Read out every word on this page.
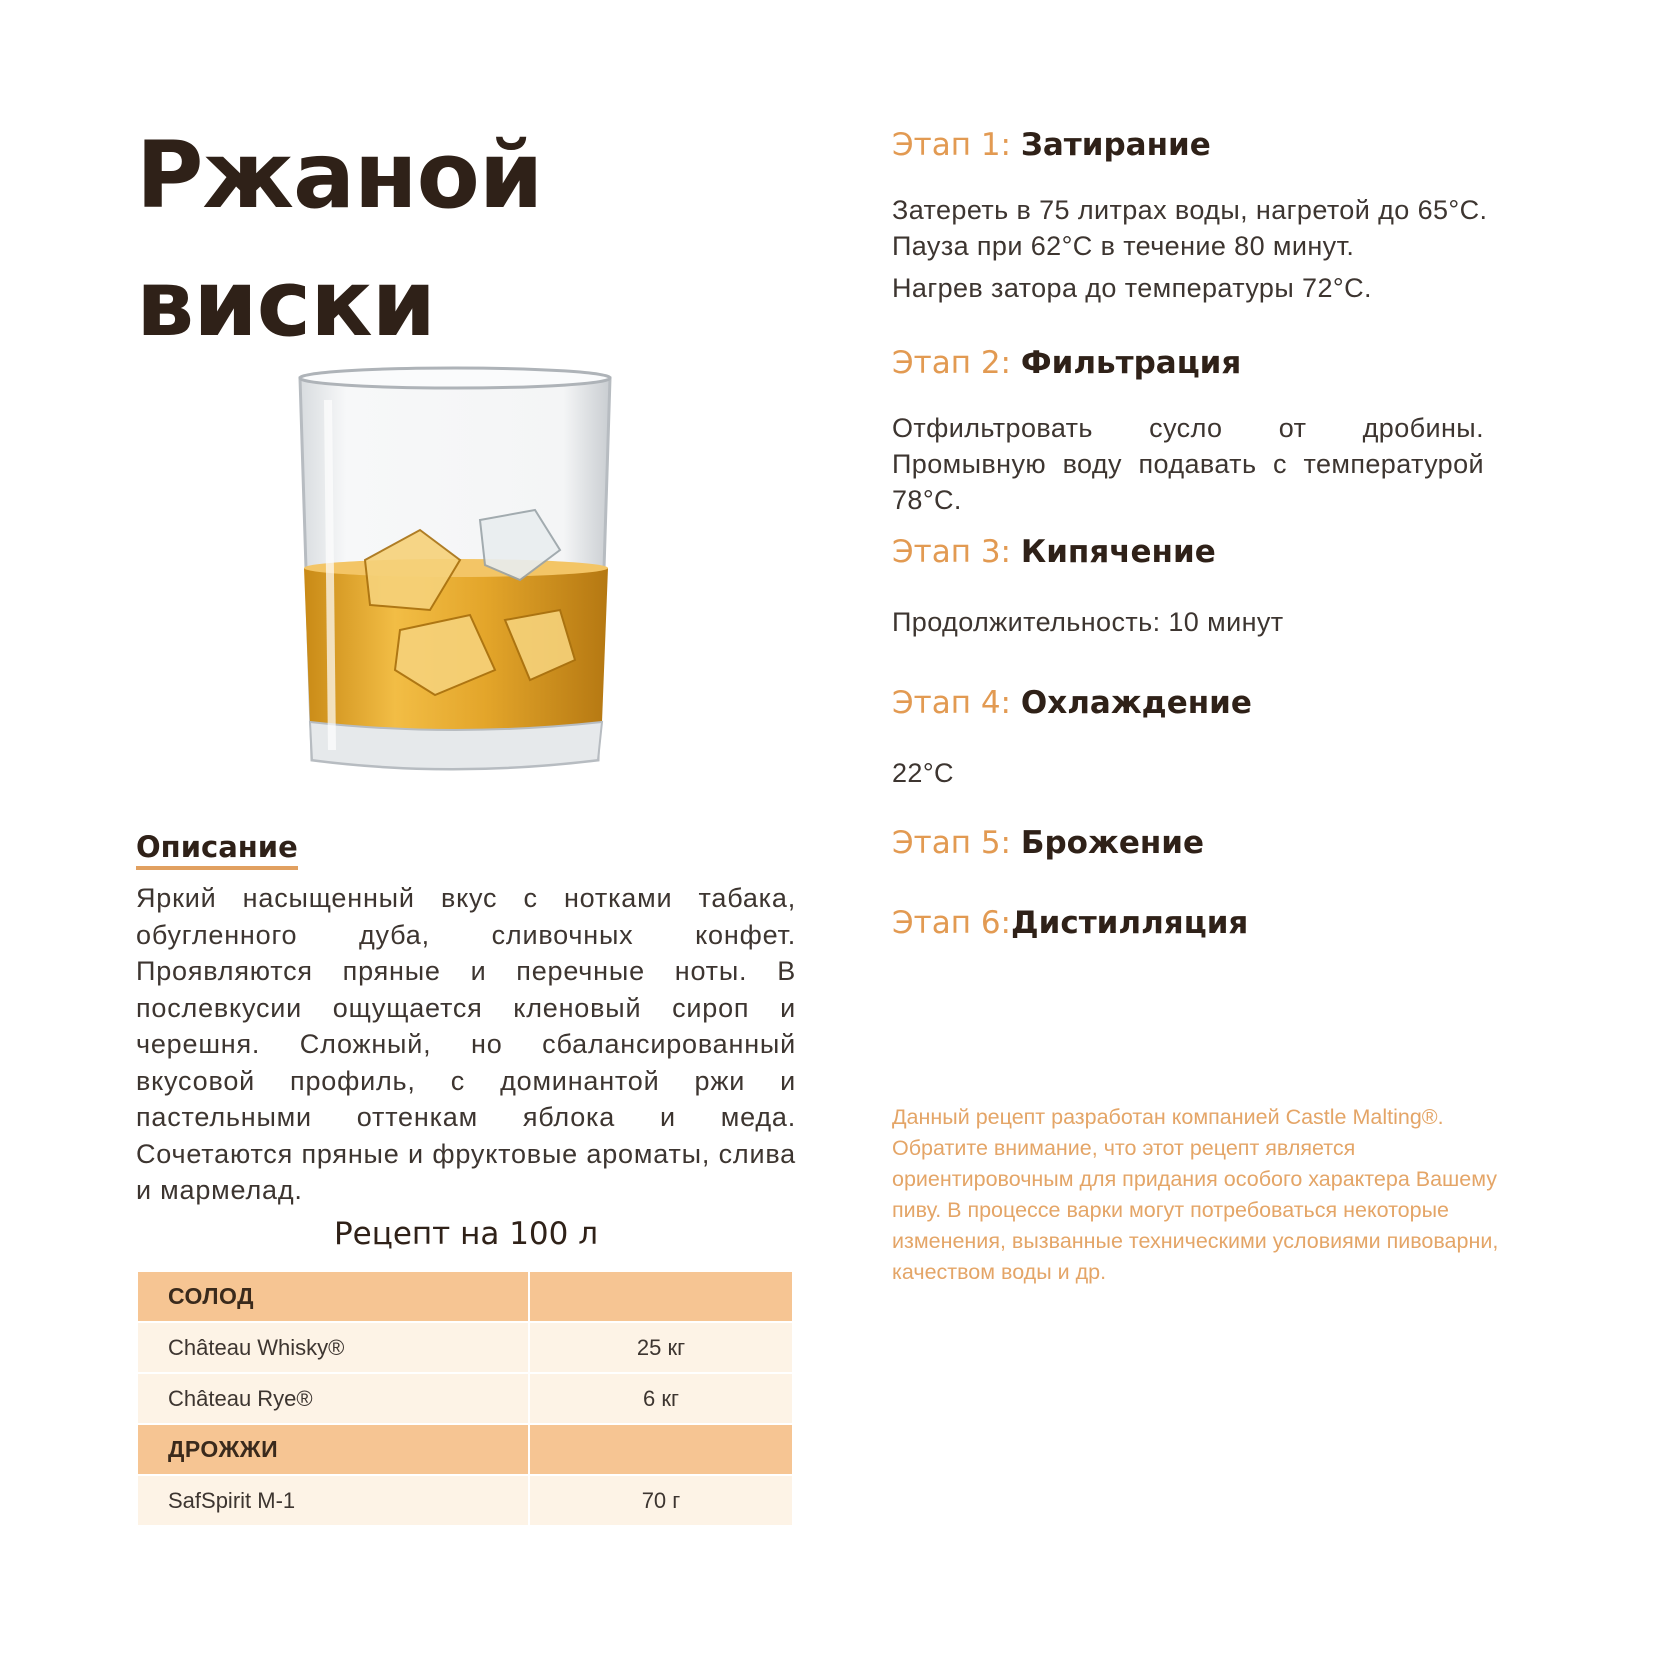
Ржаной
виски
Описание

Яркий насыщенный вкус с нотками табака, обугленного дуба, сливочных конфет. Проявляются пряные и перечные ноты. В послевкусии ощущается кленовый сироп и черешня. Сложный, но сбалансированный вкусовой профиль, с доминантой ржи и пастельными оттенкам яблока и меда. Сочетаются пряные и фруктовые ароматы, слива и мармелад.

Рецепт на 100 л
СОЛОД	
Château Whisky®	25 кг
Château Rye®	6 кг
ДРОЖЖИ	
SafSpirit M-1	70 г
Этап 1: Затирание

Затереть в 75 литрах воды, нагретой до 65°C. Пауза при 62°C в течение 80 минут.

Нагрев затора до температуры 72°C.

Этап 2: Фильтрация

Отфильтровать сусло от дробины. Промывную воду подавать с температурой 78°C.

Этап 3: Кипячение

Продолжительность: 10 минут

Этап 4: Охлаждение

22°C

Этап 5: Брожение
Этап 6:Дистилляция

Данный рецепт разработан компанией Castle Malting®. Обратите внимание, что этот рецепт является ориентировочным для придания особого характера Вашему пиву. В процессе варки могут потребоваться некоторые изменения, вызванные техническими условиями пивоварни, качеством воды и др.
